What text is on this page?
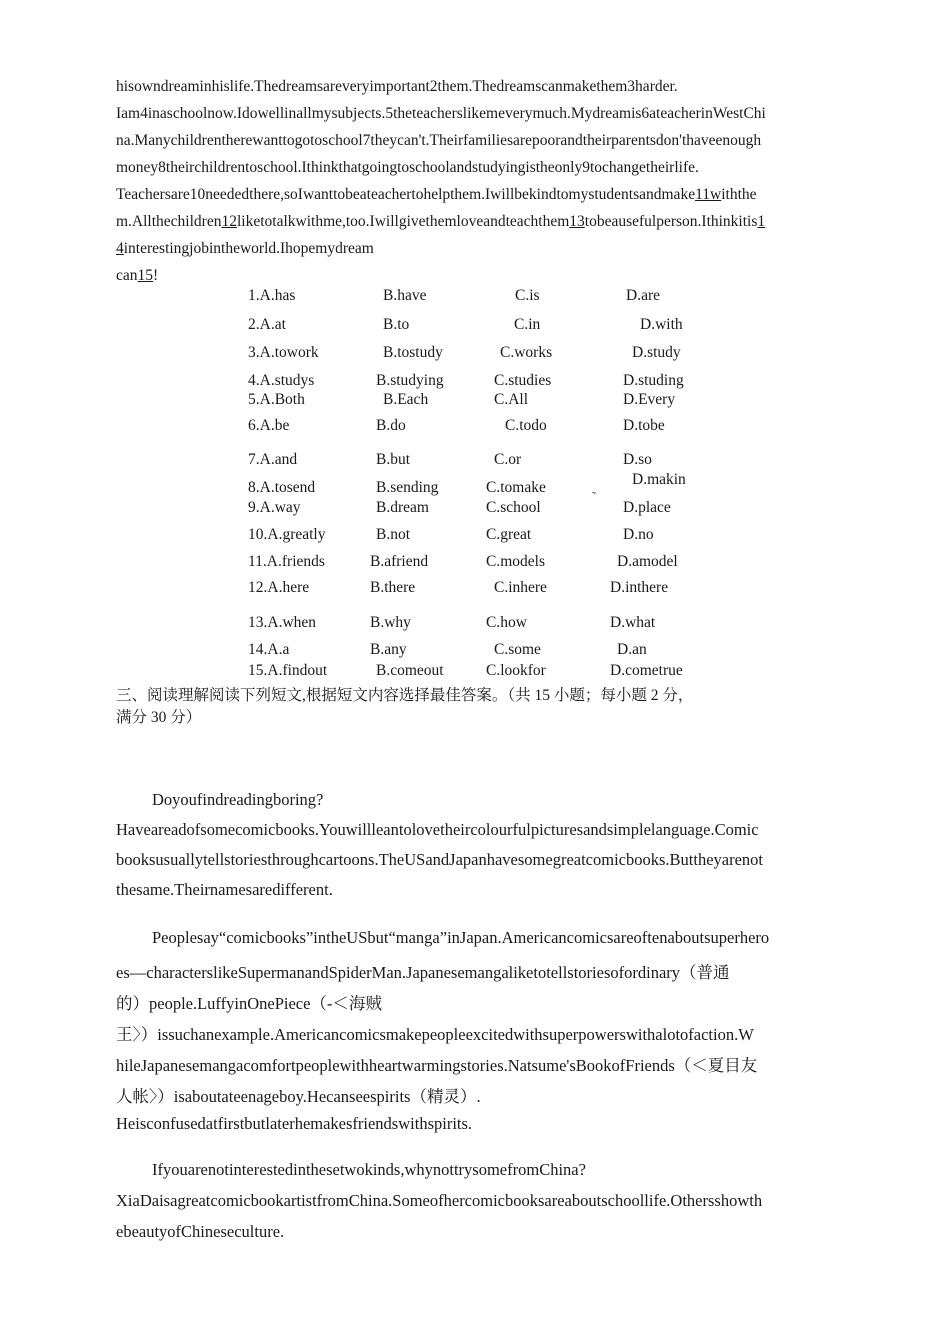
hisowndreaminhislife.Thedreamsareveryimportant2them.Thedreamscanmakethem3harder.
Iam4inaschoolnow.Idowellinallmysubjects.5theteacherslikemeverymuch.Mydreamis6ateacherinWestChi
na.Manychildrentherewanttogotoschool7theycan't.Theirfamiliesarepoorandtheirparentsdon'thaveenough
money8theirchildrentoschool.Ithinkthatgoingtoschoolandstudyingistheonly9tochangetheirlife.
Teachersare10neededthere,soIwanttobeateachertohelpthem.Iwillbekindtomystudentsandmake11withthe
m.Allthechildren12liketotalkwithme,too.Iwillgivethemloveandteachthem13tobeausefulperson.Ithinkitis1
4interestingjobintheworld.Ihopemydream
can15!
1.A.has	B.have	C.is	D.are
2.A.at	B.to	C.in	D.with
3.A.towork	B.tostudy	C.works	D.study
4.A.studys	B.studying	C.studies	D.studing
5.A.Both	B.Each	C.All	D.Every
6.A.be	B.do	C.todo	D.tobe
7.A.and	B.but	C.or	D.so
8.A.tosend	B.sending	C.tomake	D.makin
˜
9.A.way	B.dream	C.school	D.place
10.A.greatly	B.not	C.great	D.no
11.A.friends	B.afriend	C.models	D.amodel
12.A.here	B.there	C.inhere	D.inthere
13.A.when	B.why	C.how	D.what
14.A.a	B.any	C.some	D.an
15.A.findout	B.comeout	C.lookfor	D.cometrue
三、阅读理解阅读下列短文,根据短文内容选择最佳答案。（共 15 小题；每小题 2 分，
满分 30 分）
Doyoufindreadingboring?
Haveareadofsomecomicbooks.Youwillleantolovetheircolourfulpicturesandsimplelanguage.Comic
booksusuallytellstoriesthroughcartoons.TheUSandJapanhavesomegreatcomicbooks.Buttheyarenot
thesame.Theirnamesaredifferent.
Peoplesay“comicbooks”intheUSbut“manga”inJapan.Americancomicsareoftenaboutsuperhero
es—characterslikeSupermanandSpiderMan.Japanesemangaliketotellstoriesofordinary（普通
的）people.LuffyinOnePiece（-＜海贼
王〉）issuchanexample.Americancomicsmakepeopleexcitedwithsuperpowerswithalotofaction.W
hileJapanesemangacomfortpeoplewithheartwarmingstories.Natsume'sBookofFriends（＜夏目友
人帐〉）isaboutateenageboy.Hecanseespirits（精灵）.
Heisconfusedatfirstbutlaterhemakesfriendswithspirits.
Ifyouarenotinterestedinthesetwokinds,whynottrysomefromChina?
XiaDaisagreatcomicbookartistfromChina.Someofhercomicbooksareaboutschoollife.Othersshowth
ebeautyofChineseculture.
